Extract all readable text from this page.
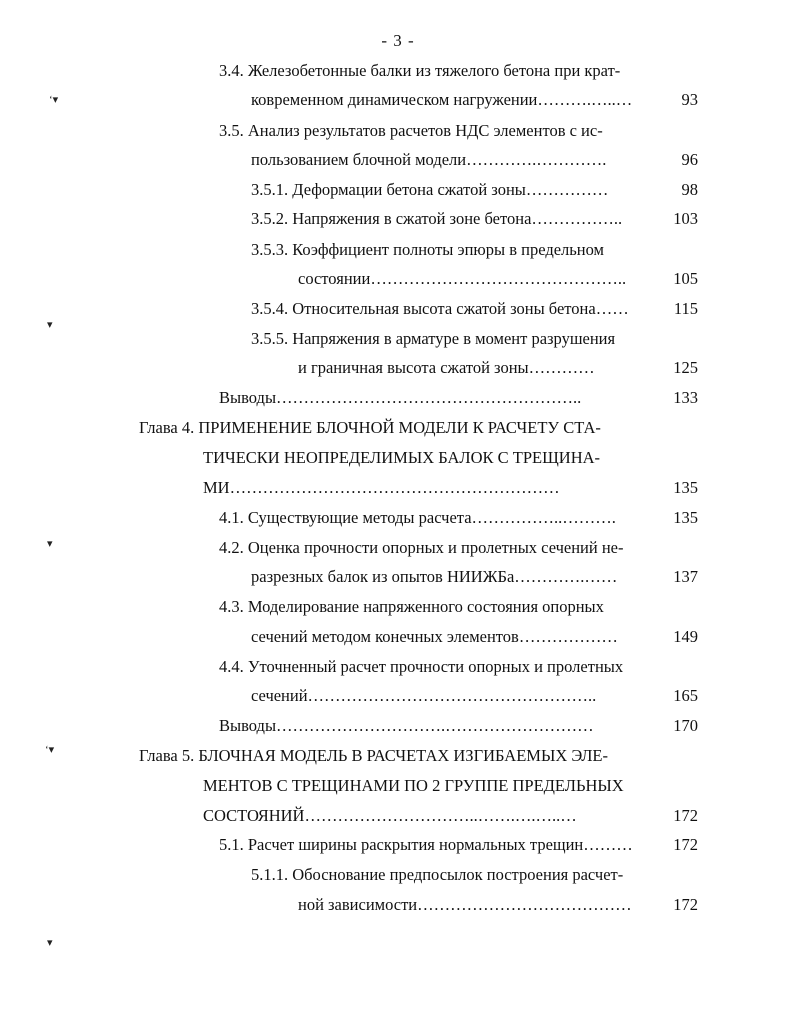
- 3 -
3.4. Железобетонные балки из тяжелого бетона при крат-
ковременном динамическом нагружении……….…..…	93
3.5. Анализ результатов расчетов НДС элементов с ис-
пользованием блочной модели………….………….	96
3.5.1. Деформации бетона сжатой зоны……………	98
3.5.2. Напряжения в сжатой зоне бетона……………..	103
3.5.3. Коэффициент полноты эпюры в предельном
состоянии………………………………………..	105
3.5.4. Относительная высота сжатой зоны бетона……	115
3.5.5. Напряжения в арматуре в момент разрушения
и граничная высота сжатой зоны…………	125
Выводы………………………………………………..	133
Глава 4. ПРИМЕНЕНИЕ БЛОЧНОЙ МОДЕЛИ К РАСЧЕТУ СТА-
ТИЧЕСКИ НЕОПРЕДЕЛИМЫХ БАЛОК С ТРЕЩИНА-
МИ……………………………………………………	135
4.1. Существующие методы расчета……………..……….	135
4.2. Оценка прочности опорных и пролетных сечений не-
разрезных балок из опытов НИИЖБа………….……	137
4.3. Моделирование напряженного состояния опорных
сечений методом конечных элементов………………	149
4.4. Уточненный расчет прочности опорных и пролетных
сечений……………………………………………..	165
Выводы………………………….………………………	170
Глава 5. БЛОЧНАЯ МОДЕЛЬ В РАСЧЕТАХ ИЗГИБАЕМЫХ ЭЛЕ-
МЕНТОВ С ТРЕЩИНАМИ ПО 2 ГРУППЕ ПРЕДЕЛЬНЫХ
СОСТОЯНИЙ…………………………..…….….…..…	172
5.1. Расчет ширины раскрытия нормальных трещин………	172
5.1.1. Обоснование предпосылок построения расчет-
ной зависимости…………………………………	172
‘▾
▾
▾
‘▾
▾
